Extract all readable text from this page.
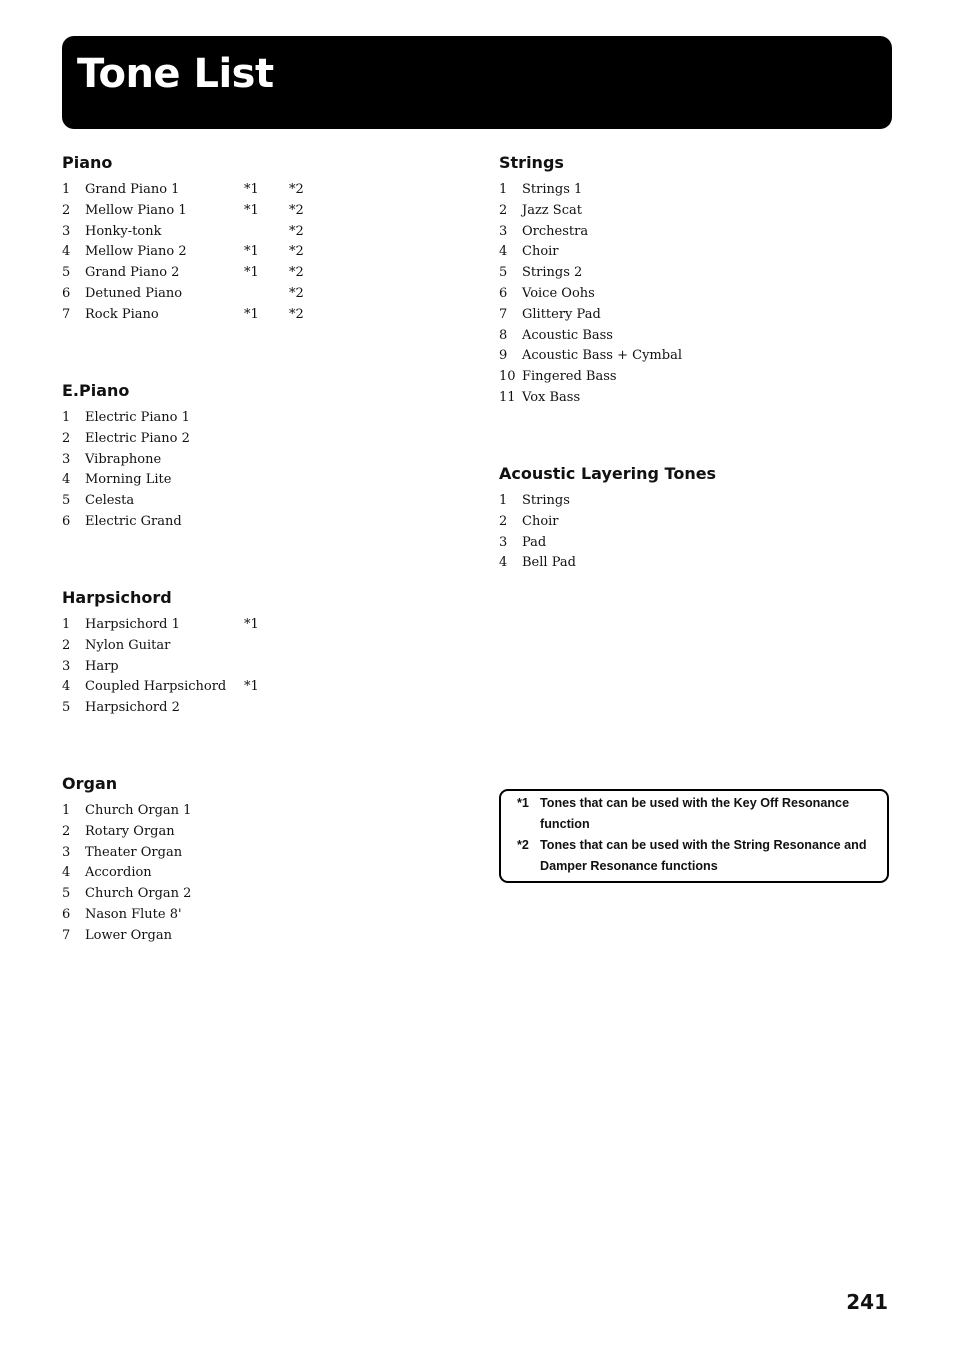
Tone List
Piano
1 Grand Piano 1	*1 *2
2 Mellow Piano 1	*1 *2
3 Honky-tonk	*2
4 Mellow Piano 2	*1 *2
5 Grand Piano 2	*1 *2
6 Detuned Piano	*2
7 Rock Piano	*1 *2
E.Piano
1 Electric Piano 1
2 Electric Piano 2
3 Vibraphone
4 Morning Lite
5 Celesta
6 Electric Grand
Harpsichord
1 Harpsichord 1	*1
2 Nylon Guitar
3 Harp
4 Coupled Harpsichord *1
5 Harpsichord 2
Organ
1 Church Organ 1
2 Rotary Organ
3 Theater Organ
4 Accordion
5 Church Organ 2
6 Nason Flute 8'
7 Lower Organ
Strings
1 Strings 1
2 Jazz Scat
3 Orchestra
4 Choir
5 Strings 2
6 Voice Oohs
7 Glittery Pad
8 Acoustic Bass
9 Acoustic Bass + Cymbal
10 Fingered Bass
11 Vox Bass
Acoustic Layering Tones
1 Strings
2 Choir
3 Pad
4 Bell Pad
*1 Tones that can be used with the Key Off Resonance function
*2 Tones that can be used with the String Resonance and Damper Resonance functions
241
